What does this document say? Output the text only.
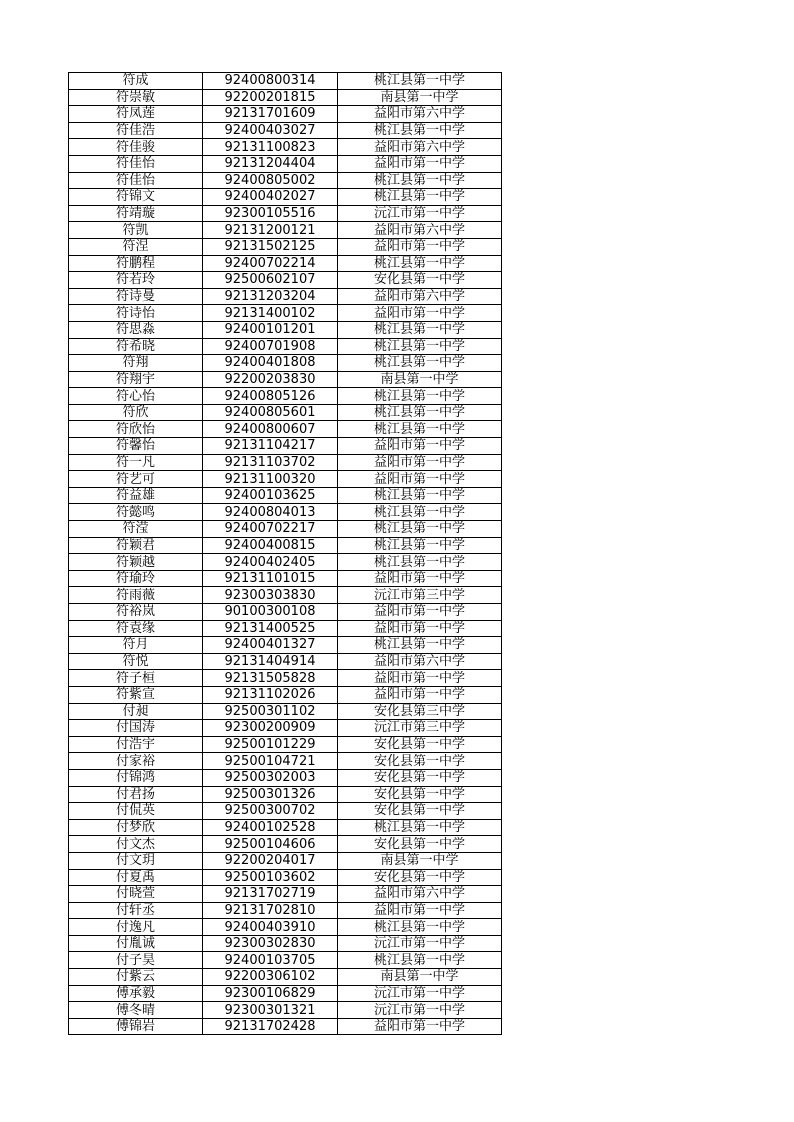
符成	92400800314	桃江县第一中学
符崇敏	92200201815	南县第一中学
符凤莲	92131701609	益阳市第六中学
符佳浩	92400403027	桃江县第一中学
符佳骏	92131100823	益阳市第六中学
符佳怡	92131204404	益阳市第一中学
符佳怡	92400805002	桃江县第一中学
符锦文	92400402027	桃江县第一中学
符靖璇	92300105516	沅江市第一中学
符凯	92131200121	益阳市第六中学
符涅	92131502125	益阳市第一中学
符鹏程	92400702214	桃江县第一中学
符若玲	92500602107	安化县第一中学
符诗曼	92131203204	益阳市第六中学
符诗怡	92131400102	益阳市第一中学
符思淼	92400101201	桃江县第一中学
符希晓	92400701908	桃江县第一中学
符翔	92400401808	桃江县第一中学
符翔宇	92200203830	南县第一中学
符心怡	92400805126	桃江县第一中学
符欣	92400805601	桃江县第一中学
符欣怡	92400800607	桃江县第一中学
符馨怡	92131104217	益阳市第一中学
符一凡	92131103702	益阳市第一中学
符艺可	92131100320	益阳市第一中学
符益雄	92400103625	桃江县第一中学
符懿鸣	92400804013	桃江县第一中学
符滢	92400702217	桃江县第一中学
符颖君	92400400815	桃江县第一中学
符颖越	92400402405	桃江县第一中学
符瑜玲	92131101015	益阳市第一中学
符雨薇	92300303830	沅江市第三中学
符裕岚	90100300108	益阳市第一中学
符袁缘	92131400525	益阳市第一中学
符月	92400401327	桃江县第一中学
符悦	92131404914	益阳市第六中学
符子桓	92131505828	益阳市第一中学
符紫宣	92131102026	益阳市第一中学
付昶	92500301102	安化县第三中学
付国涛	92300200909	沅江市第三中学
付浩宇	92500101229	安化县第一中学
付家裕	92500104721	安化县第一中学
付锦鸿	92500302003	安化县第一中学
付君扬	92500301326	安化县第一中学
付侃英	92500300702	安化县第一中学
付梦欣	92400102528	桃江县第一中学
付文杰	92500104606	安化县第一中学
付文玥	92200204017	南县第一中学
付夏禹	92500103602	安化县第一中学
付晓萱	92131702719	益阳市第六中学
付轩丞	92131702810	益阳市第一中学
付逸凡	92400403910	桃江县第一中学
付胤诚	92300302830	沅江市第一中学
付子昊	92400103705	桃江县第一中学
付紫云	92200306102	南县第一中学
傅承毅	92300106829	沅江市第一中学
傅冬晴	92300301321	沅江市第一中学
傅锦岩	92131702428	益阳市第一中学
